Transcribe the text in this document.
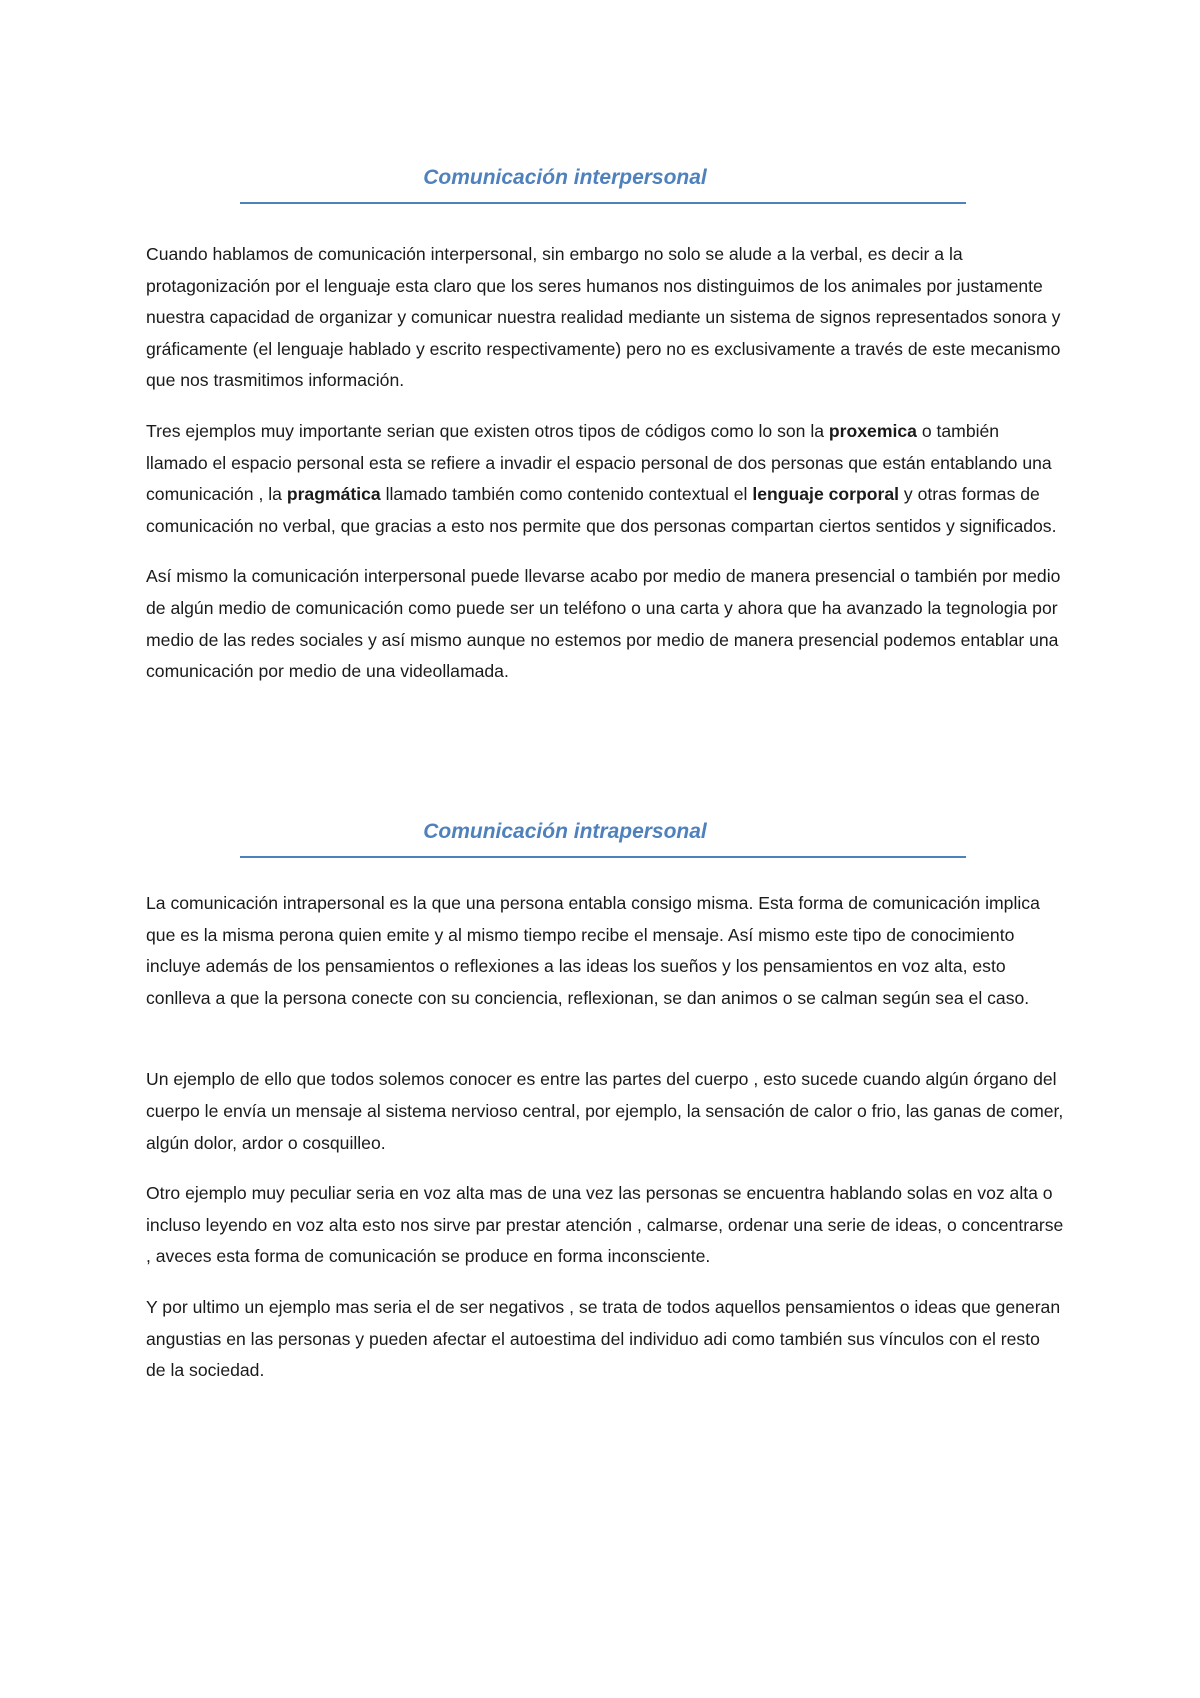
Comunicación interpersonal

Cuando hablamos de comunicación interpersonal, sin embargo no solo se alude a la verbal, es decir a la protagonización por el lenguaje esta claro que los seres humanos nos distinguimos de los animales por justamente nuestra capacidad de organizar y comunicar nuestra realidad mediante un sistema de signos representados sonora y gráficamente (el lenguaje hablado y escrito respectivamente) pero no es exclusivamente a través de este mecanismo que nos trasmitimos información.

Tres ejemplos muy importante serian que existen otros tipos de códigos como lo son la proxemica o también llamado el espacio personal esta se refiere a invadir el espacio personal de dos personas que están entablando una comunicación , la pragmática llamado también como contenido contextual el lenguaje corporal y otras formas de comunicación no verbal, que gracias a esto nos permite que dos personas compartan ciertos sentidos y significados.

Así mismo la comunicación interpersonal puede llevarse acabo por medio de manera presencial o también por medio de algún medio de comunicación como puede ser un teléfono o una carta y ahora que ha avanzado la tegnologia por medio de las redes sociales y así mismo aunque no estemos por medio de manera presencial podemos entablar una comunicación por medio de una videollamada.

Comunicación intrapersonal

La comunicación intrapersonal es la que una persona entabla consigo misma. Esta forma de comunicación implica que es la misma perona quien emite y al mismo tiempo recibe el mensaje. Así mismo este tipo de conocimiento incluye además de los pensamientos o reflexiones a las ideas los sueños y los pensamientos en voz alta, esto conlleva a que la persona conecte con su conciencia, reflexionan, se dan animos o se calman según sea el caso.

Un ejemplo de ello que todos solemos conocer es entre las partes del cuerpo , esto sucede cuando algún órgano del cuerpo le envía un mensaje al sistema nervioso central, por ejemplo, la sensación de calor o frio, las ganas de comer, algún dolor, ardor o cosquilleo.

Otro ejemplo muy peculiar seria en voz alta mas de una vez las personas se encuentra hablando solas en voz alta o incluso leyendo en voz alta esto nos sirve par prestar atención , calmarse, ordenar una serie de ideas, o concentrarse , aveces esta forma de comunicación se produce en forma inconsciente.

Y por ultimo un ejemplo mas seria el de ser negativos , se trata de todos aquellos pensamientos o ideas que generan angustias en las personas y pueden afectar el autoestima del individuo adi como también sus vínculos con el resto de la sociedad.
